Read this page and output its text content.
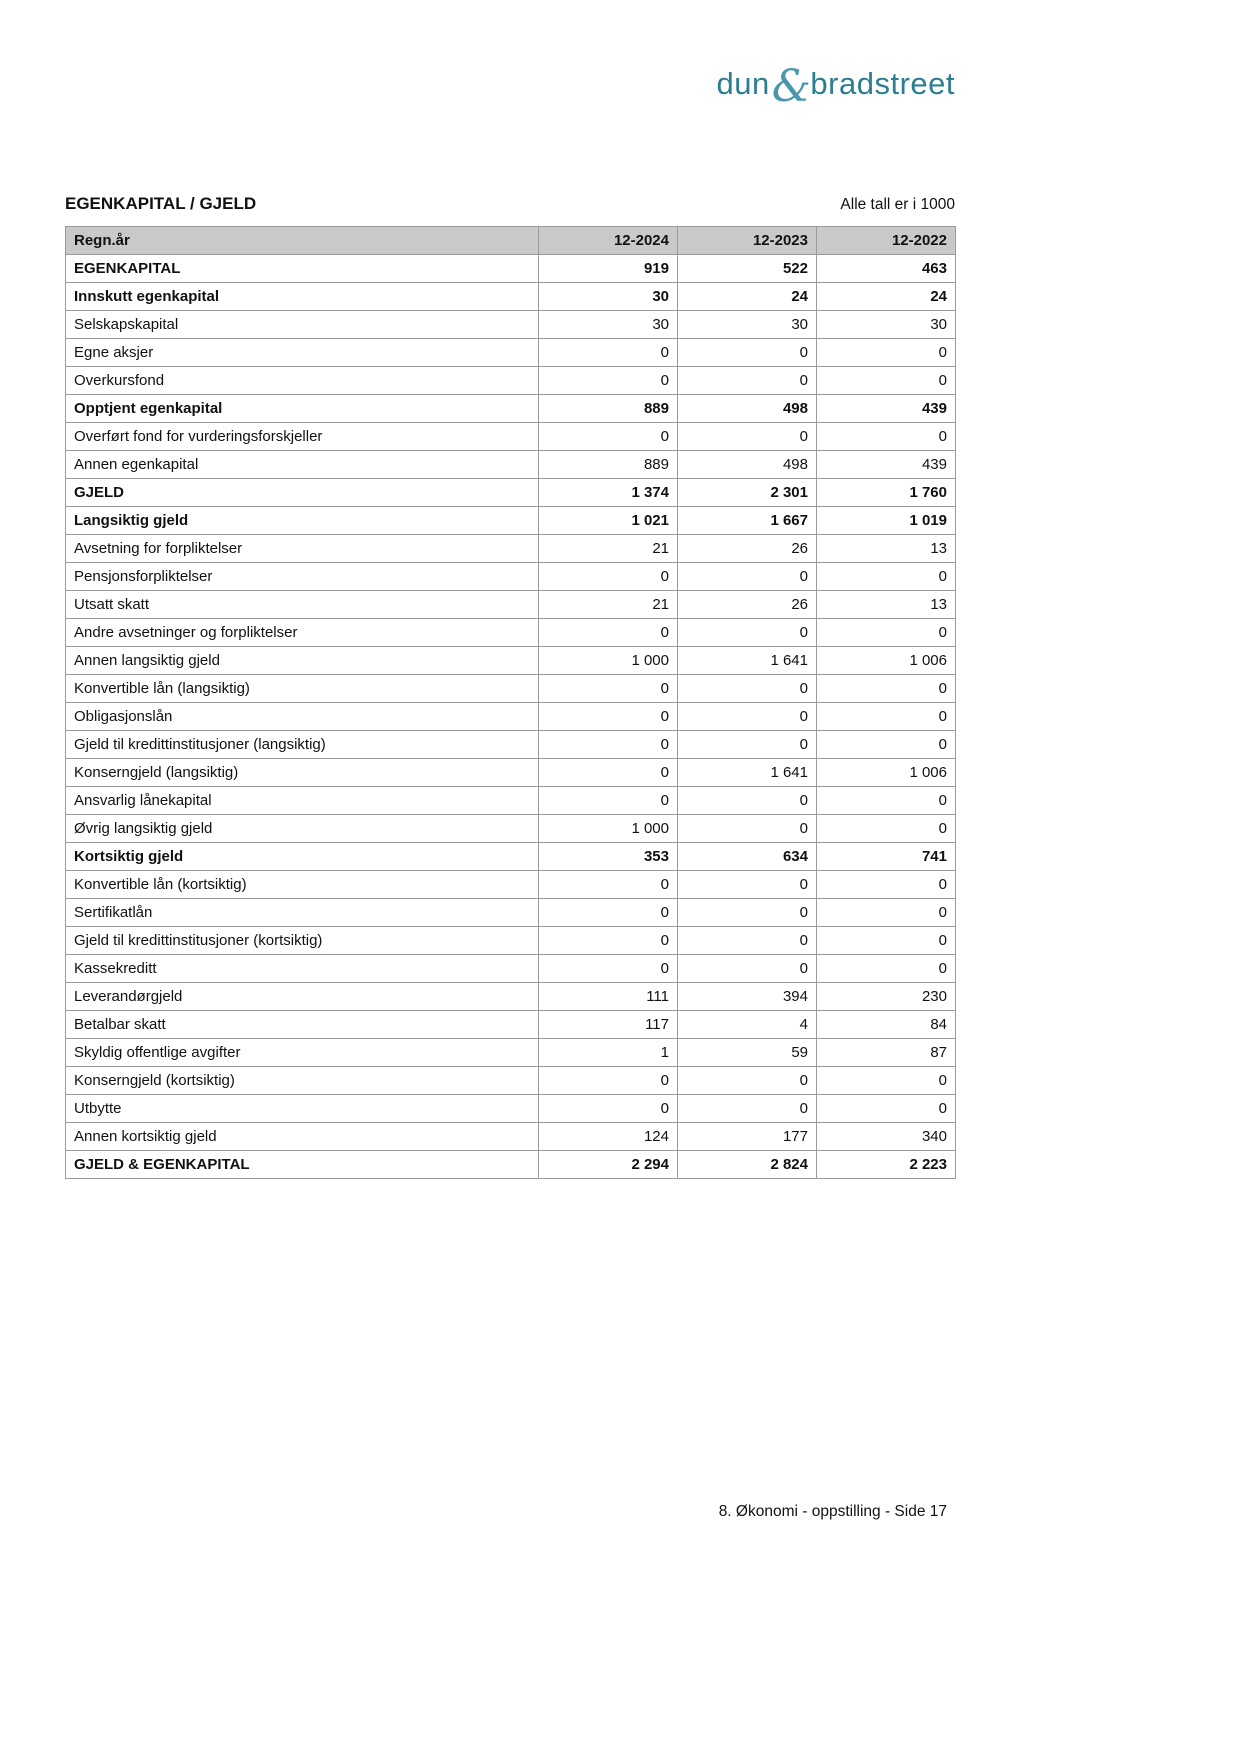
dun&bradstreet
EGENKAPITAL / GJELD	Alle tall er i 1000
Regn.år	12-2024	12-2023	12-2022
EGENKAPITAL	919	522	463
Innskutt egenkapital	30	24	24
Selskapskapital	30	30	30
Egne aksjer	0	0	0
Overkursfond	0	0	0
Opptjent egenkapital	889	498	439
Overført fond for vurderingsforskjeller	0	0	0
Annen egenkapital	889	498	439
GJELD	1 374	2 301	1 760
Langsiktig gjeld	1 021	1 667	1 019
Avsetning for forpliktelser	21	26	13
Pensjonsforpliktelser	0	0	0
Utsatt skatt	21	26	13
Andre avsetninger og forpliktelser	0	0	0
Annen langsiktig gjeld	1 000	1 641	1 006
Konvertible lån (langsiktig)	0	0	0
Obligasjonslån	0	0	0
Gjeld til kredittinstitusjoner (langsiktig)	0	0	0
Konserngjeld (langsiktig)	0	1 641	1 006
Ansvarlig lånekapital	0	0	0
Øvrig langsiktig gjeld	1 000	0	0
Kortsiktig gjeld	353	634	741
Konvertible lån (kortsiktig)	0	0	0
Sertifikatlån	0	0	0
Gjeld til kredittinstitusjoner (kortsiktig)	0	0	0
Kassekreditt	0	0	0
Leverandørgjeld	111	394	230
Betalbar skatt	117	4	84
Skyldig offentlige avgifter	1	59	87
Konserngjeld (kortsiktig)	0	0	0
Utbytte	0	0	0
Annen kortsiktig gjeld	124	177	340
GJELD & EGENKAPITAL	2 294	2 824	2 223
8. Økonomi - oppstilling - Side 17
